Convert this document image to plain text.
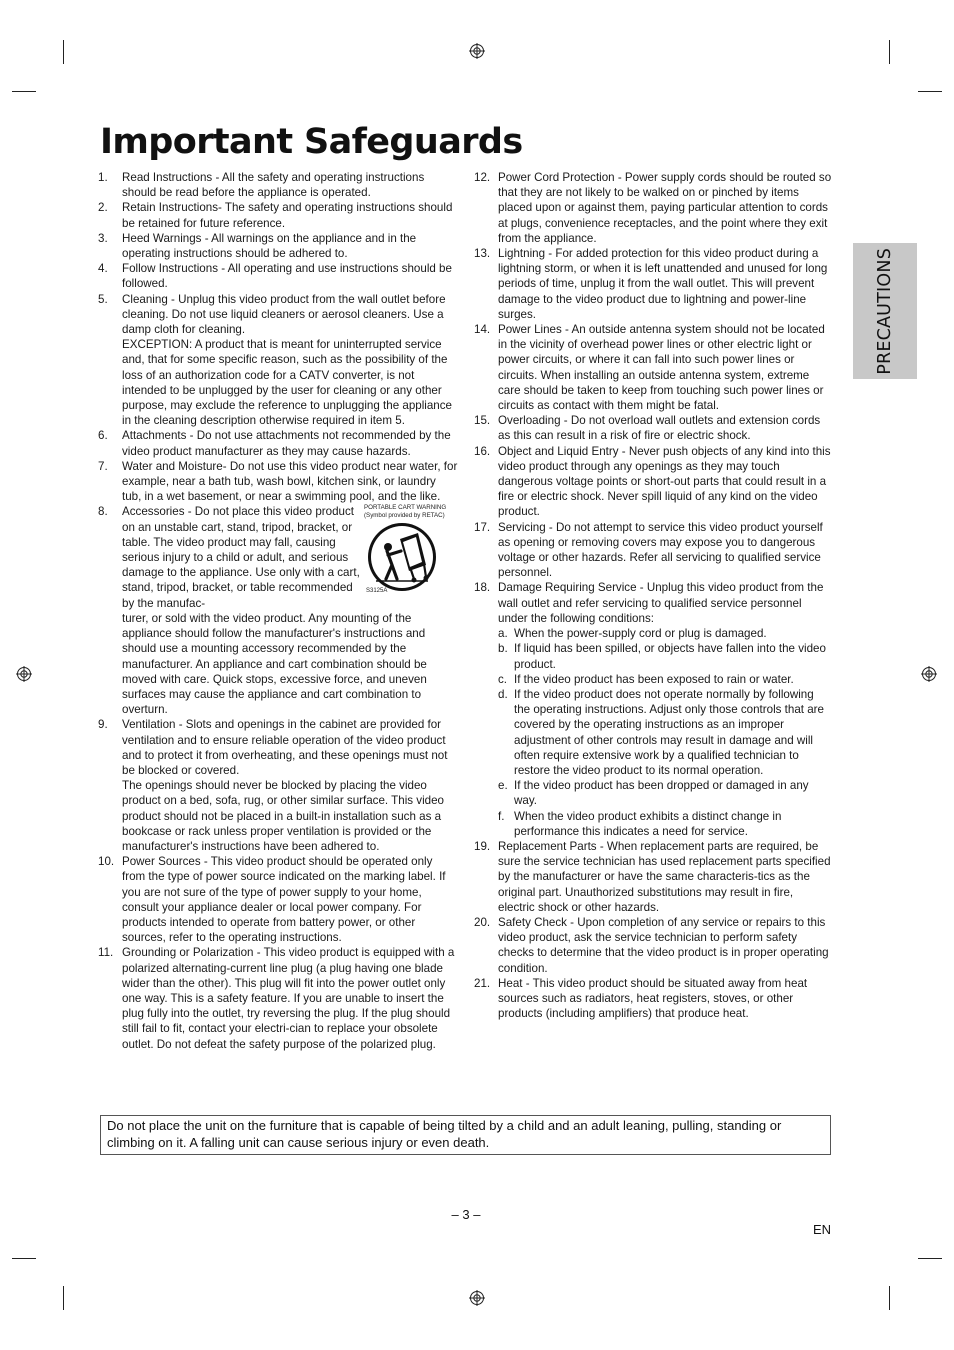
Important Safeguards
1.	Read Instructions - All the safety and operating instructions should be read before the appliance is operated.
2.	Retain Instructions- The safety and operating instructions should be retained for future reference.
3.	Heed Warnings - All warnings on the appliance and in the operating instructions should be adhered to.
4.	Follow Instructions - All operating and use instructions should be followed.
5.	Cleaning - Unplug this video product from the wall outlet before cleaning. Do not use liquid cleaners or aerosol cleaners. Use a damp cloth for cleaning.
EXCEPTION: A product that is meant for uninterrupted service and, that for some specific reason, such as the possibility of the loss of an authorization code for a CATV converter, is not intended to be unplugged by the user for cleaning or any other purpose, may exclude the reference to unplugging the appliance in the cleaning description otherwise required in item 5.
6.	Attachments - Do not use attachments not recommended by the video product manufacturer as they may cause hazards.
7.	Water and Moisture- Do not use this video product near water, for example, near a bath tub, wash bowl, kitchen sink, or laundry tub, in a wet basement, or near a swimming pool, and the like.
8.	Accessories - Do not place this video product on an unstable cart, stand, tripod, bracket, or table. The video product may fall, causing serious injury to a child or adult, and serious damage to the appliance. Use only with a cart, stand, tripod, bracket, or table recommended by the manufac-
PORTABLE CART WARNING
(Symbol provided by RETAC)
S3125A
turer, or sold with the video product. Any mounting of the appliance should follow the manufacturer's instructions and should use a mounting accessory recommended by the manufacturer. An appliance and cart combination should be moved with care. Quick stops, excessive force, and uneven surfaces may cause the appliance and cart combination to overturn.
9.	Ventilation - Slots and openings in the cabinet are provided for ventilation and to ensure reliable operation of the video product and to protect it from overheating, and these openings must not be blocked or covered.
The openings should never be blocked by placing the video product on a bed, sofa, rug, or other similar surface. This video product should not be placed in a built-in installation such as a bookcase or rack unless proper ventilation is provided or the manufacturer's instructions have been adhered to.
10. Power Sources - This video product should be operated only from the type of power source indicated on the marking label. If you are not sure of the type of power supply to your home, consult your appliance dealer or local power company. For products intended to operate from battery power, or other sources, refer to the operating instructions.
11. Grounding or Polarization - This video product is equipped with a polarized alternating-current line plug (a plug having one blade wider than the other). This plug will fit into the power outlet only one way. This is a safety feature. If you are unable to insert the plug fully into the outlet, try reversing the plug. If the plug should still fail to fit, contact your electri-cian to replace your obsolete outlet. Do not defeat the safety purpose of the polarized plug.
12. Power Cord Protection - Power supply cords should be routed so that they are not likely to be walked on or pinched by items placed upon or against them, paying particular attention to cords at plugs, convenience receptacles, and the point where they exit from the appliance.
13. Lightning - For added protection for this video product during a lightning storm, or when it is left unattended and unused for long periods of time, unplug it from the wall outlet. This will prevent damage to the video product due to lightning and power-line surges.
14. Power Lines - An outside antenna system should not be located in the vicinity of overhead power lines or other electric light or power circuits, or where it can fall into such power lines or circuits. When installing an outside antenna system, extreme care should be taken to keep from touching such power lines or circuits as contact with them might be fatal.
15. Overloading - Do not overload wall outlets and extension cords as this can result in a risk of fire or electric shock.
16. Object and Liquid Entry - Never push objects of any kind into this video product through any openings as they may touch dangerous voltage points or short-out parts that could result in a fire or electric shock. Never spill liquid of any kind on the video product.
17. Servicing - Do not attempt to service this video product yourself as opening or removing covers may expose you to dangerous voltage or other hazards. Refer all servicing to qualified service personnel.
18. Damage Requiring Service - Unplug this video product from the wall outlet and refer servicing to qualified service personnel under the following conditions:
a. When the power-supply cord or plug is damaged.
b. If liquid has been spilled, or objects have fallen into the video product.
c. If the video product has been exposed to rain or water.
d. If the video product does not operate normally by following the operating instructions. Adjust only those controls that are covered by the operating instructions as an improper adjustment of other controls may result in damage and will often require extensive work by a qualified technician to restore the video product to its normal operation.
e. If the video product has been dropped or damaged in any way.
f. When the video product exhibits a distinct change in performance this indicates a need for service.
19. Replacement Parts - When replacement parts are required, be sure the service technician has used replacement parts specified by the manufacturer or have the same characteris-tics as the original part. Unauthorized substitutions may result in fire, electric shock or other hazards.
20. Safety Check - Upon completion of any service or repairs to this video product, ask the service technician to perform safety checks to determine that the video product is in proper operating condition.
21. Heat - This video product should be situated away from heat sources such as radiators, heat registers, stoves, or other products (including amplifiers) that produce heat.
PRECAUTIONS
Do not place the unit on the furniture that is capable of being tilted by a child and an adult leaning, pulling, standing or climbing on it. A falling unit can cause serious injury or even death.
– 3 –
EN
